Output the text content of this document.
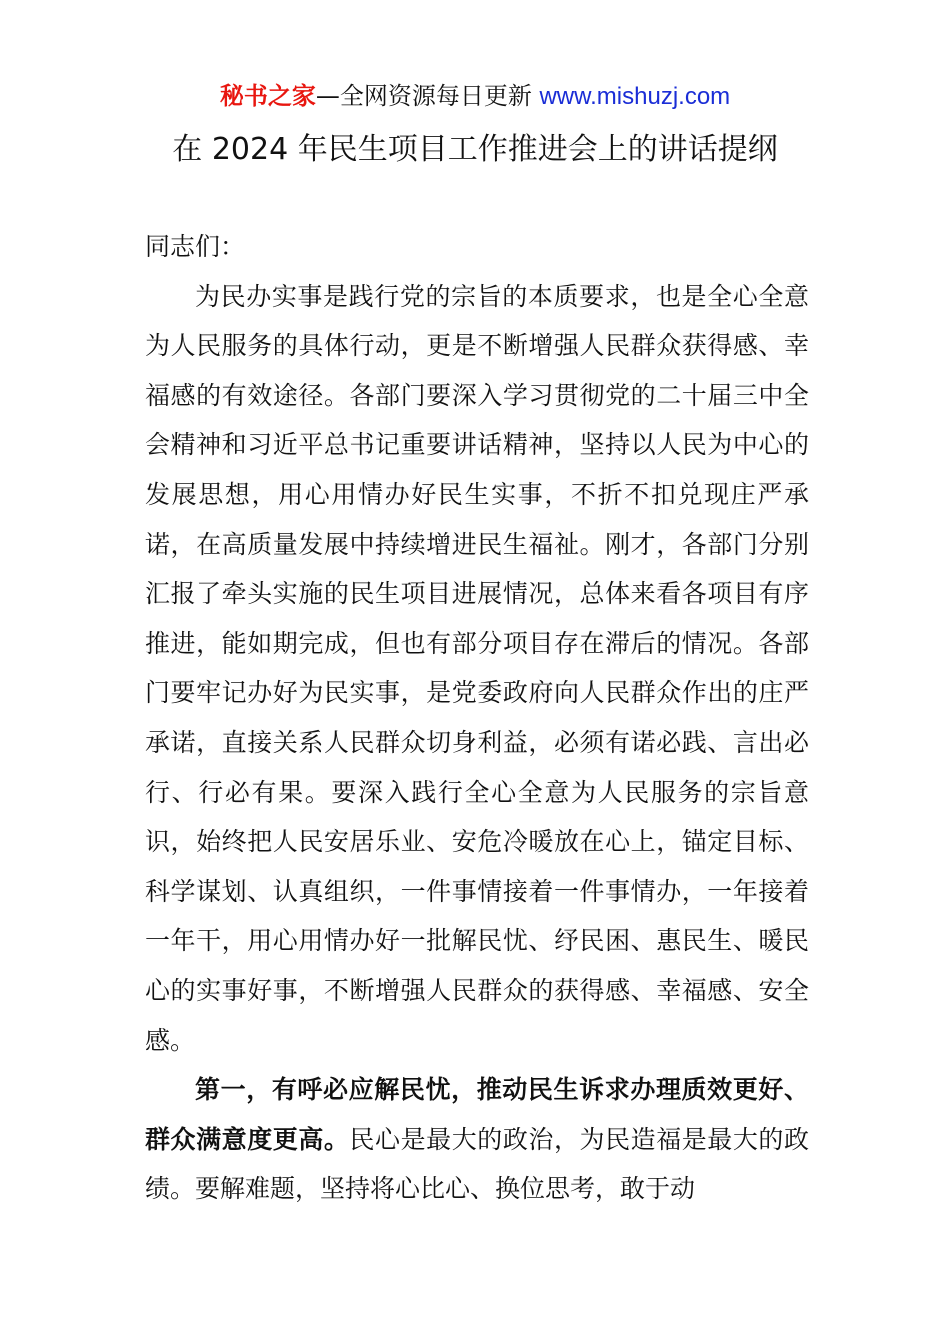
秘书之家—全网资源每日更新 www.mishuzj.com
在 2024 年民生项目工作推进会上的讲话提纲

同志们：

为民办实事是践行党的宗旨的本质要求，也是全心全意为人民服务的具体行动，更是不断增强人民群众获得感、幸福感的有效途径。各部门要深入学习贯彻党的二十届三中全会精神和习近平总书记重要讲话精神，坚持以人民为中心的发展思想，用心用情办好民生实事，不折不扣兑现庄严承诺，在高质量发展中持续增进民生福祉。刚才，各部门分别汇报了牵头实施的民生项目进展情况，总体来看各项目有序推进，能如期完成，但也有部分项目存在滞后的情况。各部门要牢记办好为民实事，是党委政府向人民群众作出的庄严承诺，直接关系人民群众切身利益，必须有诺必践、言出必行、行必有果。要深入践行全心全意为人民服务的宗旨意识，始终把人民安居乐业、安危冷暖放在心上，锚定目标、科学谋划、认真组织，一件事情接着一件事情办，一年接着一年干，用心用情办好一批解民忧、纾民困、惠民生、暖民心的实事好事，不断增强人民群众的获得感、幸福感、安全感。

第一，有呼必应解民忧，推动民生诉求办理质效更好、群众满意度更高。民心是最大的政治，为民造福是最大的政绩。要解难题，坚持将心比心、换位思考，敢于动
